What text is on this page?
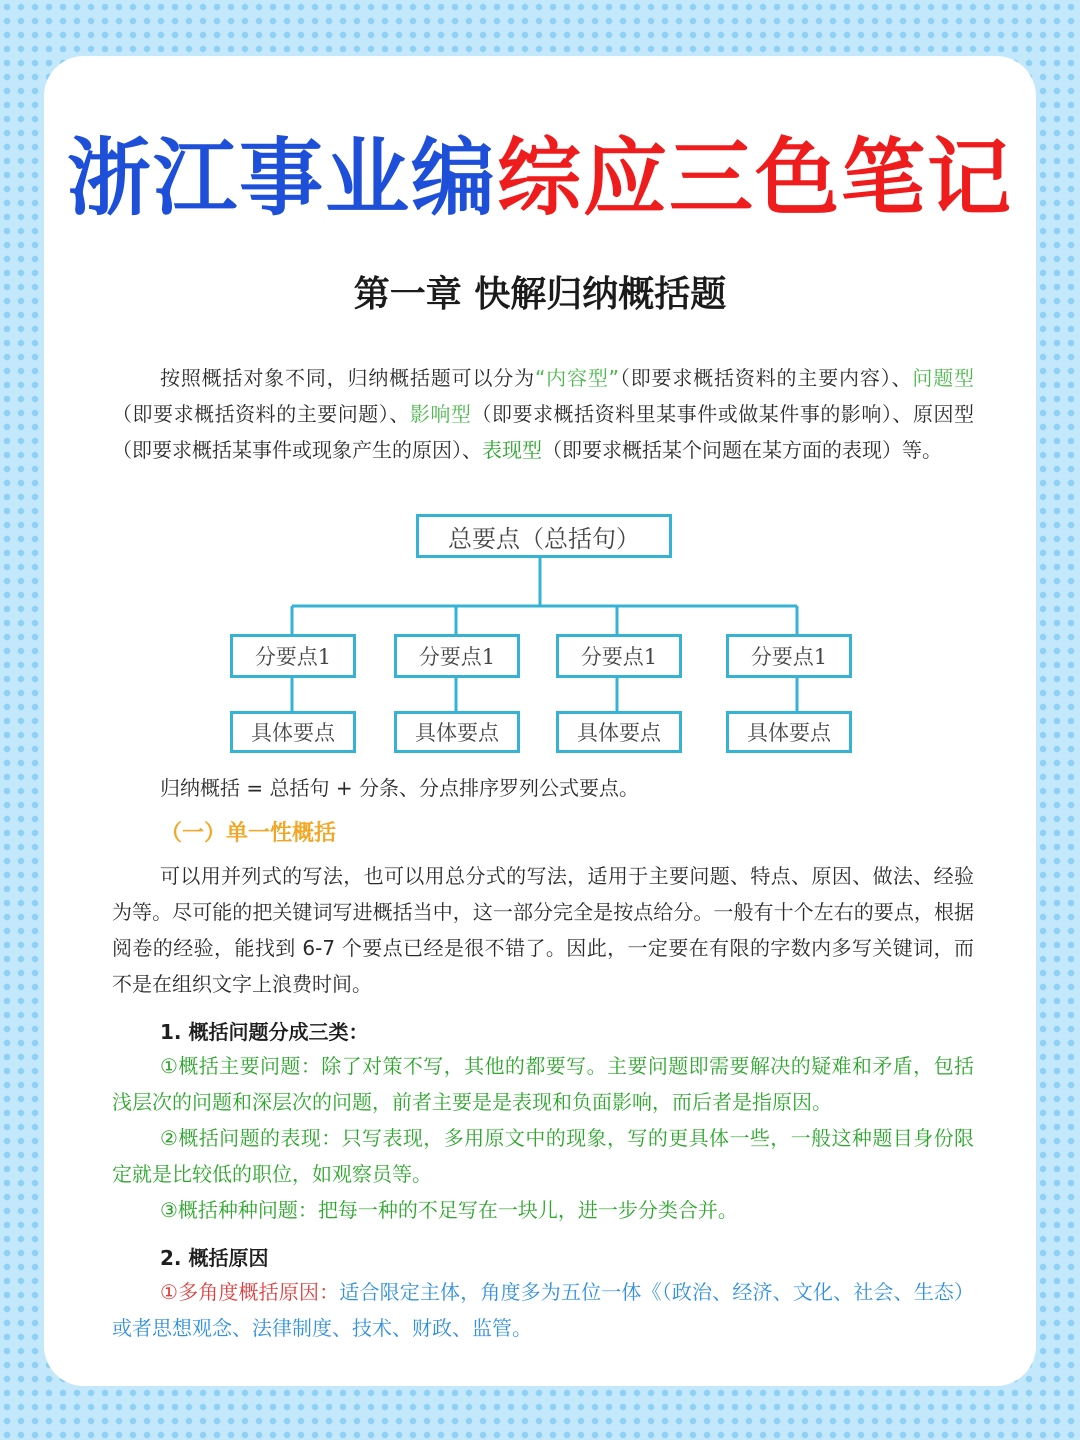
浙江事业编综应三色笔记
第一章 快解归纳概括题
按照概括对象不同，归纳概括题可以分为“内容型”（即要求概括资料的主要内容）、问题型（即要求概括资料的主要问题）、影响型（即要求概括资料里某事件或做某件事的影响）、原因型（即要求概括某事件或现象产生的原因）、表现型（即要求概括某个问题在某方面的表现）等。
总要点（总括句）
分要点1	分要点1	分要点1	分要点1
具体要点	具体要点	具体要点	具体要点
归纳概括 = 总括句 + 分条、分点排序罗列公式要点。
（一）单一性概括
可以用并列式的写法，也可以用总分式的写法，适用于主要问题、特点、原因、做法、经验为等。尽可能的把关键词写进概括当中，这一部分完全是按点给分。一般有十个左右的要点，根据阅卷的经验，能找到 6-7 个要点已经是很不错了。因此，一定要在有限的字数内多写关键词，而不是在组织文字上浪费时间。
1. 概括问题分成三类：
①概括主要问题：除了对策不写，其他的都要写。主要问题即需要解决的疑难和矛盾，包括浅层次的问题和深层次的问题，前者主要是是表现和负面影响，而后者是指原因。
②概括问题的表现：只写表现，多用原文中的现象，写的更具体一些，一般这种题目身份限定就是比较低的职位，如观察员等。
③概括种种问题：把每一种的不足写在一块儿，进一步分类合并。
2. 概括原因
①多角度概括原因：适合限定主体，角度多为五位一体《（政治、经济、文化、社会、生态）或者思想观念、法律制度、技术、财政、监管。
